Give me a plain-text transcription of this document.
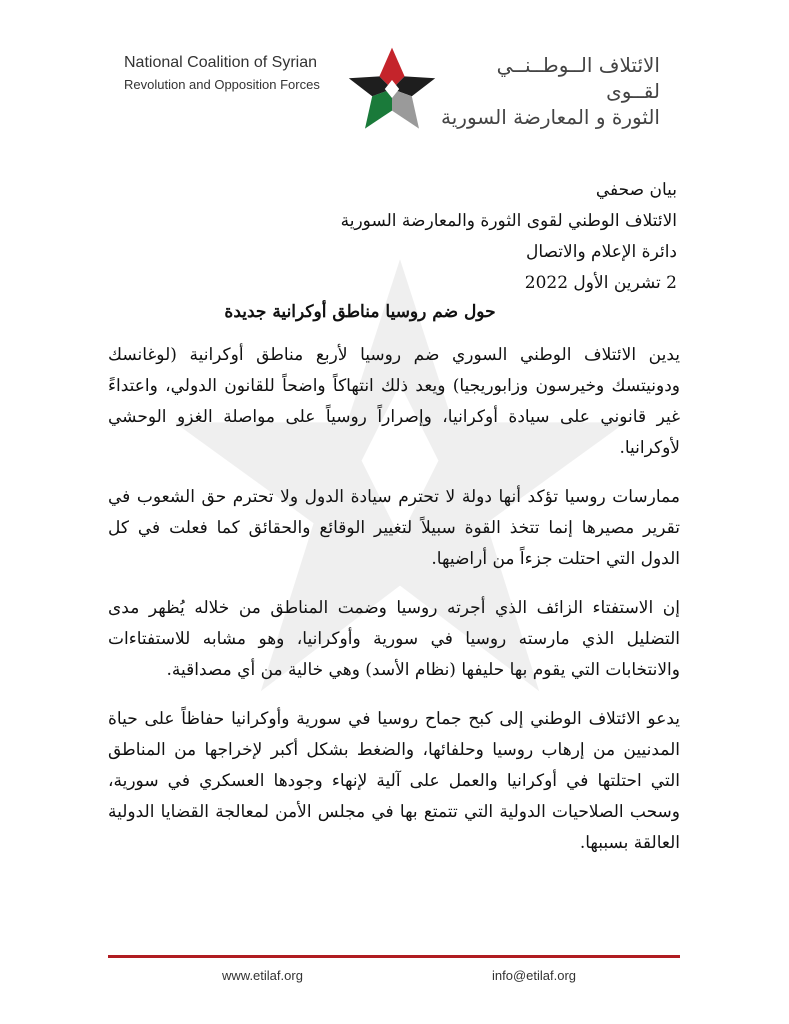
National Coalition of Syrian
Revolution and Opposition Forces
الائتلاف الــوطــنــي لقــوى
الثورة و المعارضة السورية
بيان صحفي
الائتلاف الوطني لقوى الثورة والمعارضة السورية
دائرة الإعلام والاتصال
2 تشرين الأول 2022
حول ضم روسيا مناطق أوكرانية جديدة

يدين الائتلاف الوطني السوري ضم روسيا لأربع مناطق أوكرانية (لوغانسك ودونيتسك وخيرسون وزابوريجيا) ويعد ذلك انتهاكاً واضحاً للقانون الدولي، واعتداءً غير قانوني على سيادة أوكرانيا، وإصراراً روسياً على مواصلة الغزو الوحشي لأوكرانيا.

ممارسات روسيا تؤكد أنها دولة لا تحترم سيادة الدول ولا تحترم حق الشعوب في تقرير مصيرها إنما تتخذ القوة سبيلاً لتغيير الوقائع والحقائق كما فعلت في كل الدول التي احتلت جزءاً من أراضيها.

إن الاستفتاء الزائف الذي أجرته روسيا وضمت المناطق من خلاله يُظهر مدى التضليل الذي مارسته روسيا في سورية وأوكرانيا، وهو مشابه للاستفتاءات والانتخابات التي يقوم بها حليفها (نظام الأسد) وهي خالية من أي مصداقية.

يدعو الائتلاف الوطني إلى كبح جماح روسيا في سورية وأوكرانيا حفاظاً على حياة المدنيين من إرهاب روسيا وحلفائها، والضغط بشكل أكبر لإخراجها من المناطق التي احتلتها في أوكرانيا والعمل على آلية لإنهاء وجودها العسكري في سورية، وسحب الصلاحيات الدولية التي تتمتع بها في مجلس الأمن لمعالجة القضايا الدولية العالقة بسببها.

www.etilaf.org	info@etilaf.org
